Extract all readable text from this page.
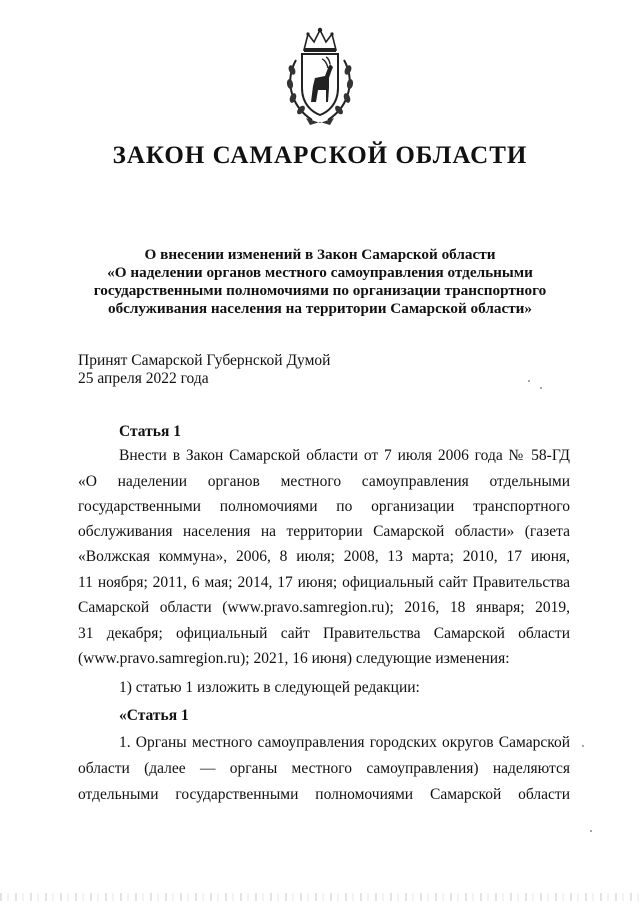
ЗАКОН САМАРСКОЙ ОБЛАСТИ
О внесении изменений в Закон Самарской области
«О наделении органов местного самоуправления отдельными
государственными полномочиями по организации транспортного
обслуживания населения на территории Самарской области»
Принят Самарской Губернской Думой
25 апреля 2022 года
Статья 1
Внести в Закон Самарской области от 7 июля 2006 года № 58-ГД
«О наделении органов местного самоуправления отдельными
государственными полномочиями по организации транспортного
обслуживания населения на территории Самарской области» (газета
«Волжская коммуна», 2006, 8 июля; 2008, 13 марта; 2010, 17 июня,
11 ноября; 2011, 6 мая; 2014, 17 июня; официальный сайт Правительства
Самарской области (www.pravo.samregion.ru); 2016, 18 января; 2019,
31 декабря; официальный сайт Правительства Самарской области
(www.pravo.samregion.ru); 2021, 16 июня) следующие изменения:
1) статью 1 изложить в следующей редакции:
«Статья 1
1. Органы местного самоуправления городских округов Самарской
области (далее — органы местного самоуправления) наделяются
отдельными государственными полномочиями Самарской области
